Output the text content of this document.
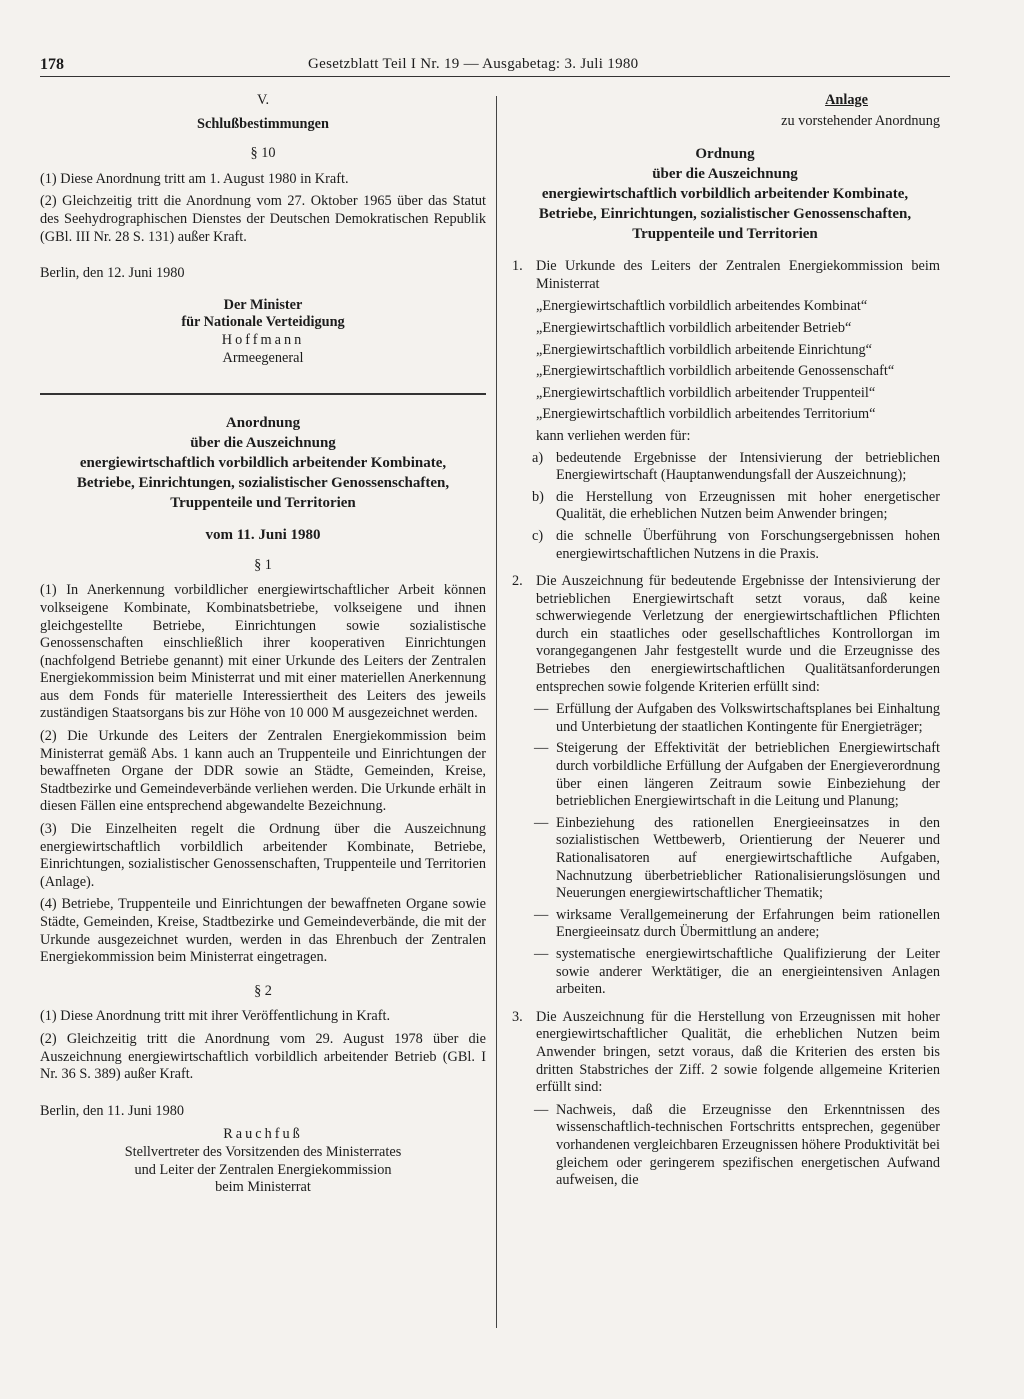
178	Gesetzblatt Teil I Nr. 19 — Ausgabetag: 3. Juli 1980

V.

Schlußbestimmungen

§ 10

(1) Diese Anordnung tritt am 1. August 1980 in Kraft.

(2) Gleichzeitig tritt die Anordnung vom 27. Oktober 1965 über das Statut des Seehydrographischen Dienstes der Deutschen Demokratischen Republik (GBl. III Nr. 28 S. 131) außer Kraft.

Berlin, den 12. Juni 1980

Der Minister

für Nationale Verteidigung

Hoffmann

Armeegeneral

Anordnung

über die Auszeichnung

energiewirtschaftlich vorbildlich arbeitender Kombinate,

Betriebe, Einrichtungen, sozialistischer Genossenschaften,

Truppenteile und Territorien

vom 11. Juni 1980

§ 1

(1) In Anerkennung vorbildlicher energiewirtschaftlicher Arbeit können volkseigene Kombinate, Kombinatsbetriebe, volkseigene und ihnen gleichgestellte Betriebe, Einrichtungen sowie sozialistische Genossenschaften einschließlich ihrer kooperativen Einrichtungen (nachfolgend Betriebe genannt) mit einer Urkunde des Leiters der Zentralen Energiekommission beim Ministerrat und mit einer materiellen Anerkennung aus dem Fonds für materielle Interessiertheit des Leiters des jeweils zuständigen Staatsorgans bis zur Höhe von 10 000 M ausgezeichnet werden.

(2) Die Urkunde des Leiters der Zentralen Energiekommission beim Ministerrat gemäß Abs. 1 kann auch an Truppenteile und Einrichtungen der bewaffneten Organe der DDR sowie an Städte, Gemeinden, Kreise, Stadtbezirke und Gemeindeverbände verliehen werden. Die Urkunde erhält in diesen Fällen eine entsprechend abgewandelte Bezeichnung.

(3) Die Einzelheiten regelt die Ordnung über die Auszeichnung energiewirtschaftlich vorbildlich arbeitender Kombinate, Betriebe, Einrichtungen, sozialistischer Genossenschaften, Truppenteile und Territorien (Anlage).

(4) Betriebe, Truppenteile und Einrichtungen der bewaffneten Organe sowie Städte, Gemeinden, Kreise, Stadtbezirke und Gemeindeverbände, die mit der Urkunde ausgezeichnet wurden, werden in das Ehrenbuch der Zentralen Energiekommission beim Ministerrat eingetragen.

§ 2

(1) Diese Anordnung tritt mit ihrer Veröffentlichung in Kraft.

(2) Gleichzeitig tritt die Anordnung vom 29. August 1978 über die Auszeichnung energiewirtschaftlich vorbildlich arbeitender Betrieb (GBl. I Nr. 36 S. 389) außer Kraft.

Berlin, den 11. Juni 1980

Rauchfuß

Stellvertreter des Vorsitzenden des Ministerrates

und Leiter der Zentralen Energiekommission

beim Ministerrat

Anlage

zu vorstehender Anordnung

Ordnung

über die Auszeichnung

energiewirtschaftlich vorbildlich arbeitender Kombinate,

Betriebe, Einrichtungen, sozialistischer Genossenschaften,

Truppenteile und Territorien

1. Die Urkunde des Leiters der Zentralen Energiekommission beim Ministerrat

„Energiewirtschaftlich vorbildlich arbeitendes Kombinat“

„Energiewirtschaftlich vorbildlich arbeitender Betrieb“

„Energiewirtschaftlich vorbildlich arbeitende Einrichtung“

„Energiewirtschaftlich vorbildlich arbeitende Genossenschaft“

„Energiewirtschaftlich vorbildlich arbeitender Truppenteil“

„Energiewirtschaftlich vorbildlich arbeitendes Territorium“

kann verliehen werden für:

a) bedeutende Ergebnisse der Intensivierung der betrieblichen Energiewirtschaft (Hauptanwendungsfall der Auszeichnung);
b) die Herstellung von Erzeugnissen mit hoher energetischer Qualität, die erheblichen Nutzen beim Anwender bringen;
c) die schnelle Überführung von Forschungsergebnissen hohen energiewirtschaftlichen Nutzens in die Praxis.
2. Die Auszeichnung für bedeutende Ergebnisse der Intensivierung der betrieblichen Energiewirtschaft setzt voraus, daß keine schwerwiegende Verletzung der energiewirtschaftlichen Pflichten durch ein staatliches oder gesellschaftliches Kontrollorgan im vorangegangenen Jahr festgestellt wurde und die Erzeugnisse des Betriebes den energiewirtschaftlichen Qualitätsanforderungen entsprechen sowie folgende Kriterien erfüllt sind:
— Erfüllung der Aufgaben des Volkswirtschaftsplanes bei Einhaltung und Unterbietung der staatlichen Kontingente für Energieträger;
— Steigerung der Effektivität der betrieblichen Energiewirtschaft durch vorbildliche Erfüllung der Aufgaben der Energieverordnung über einen längeren Zeitraum sowie Einbeziehung der betrieblichen Energiewirtschaft in die Leitung und Planung;
— Einbeziehung des rationellen Energieeinsatzes in den sozialistischen Wettbewerb, Orientierung der Neuerer und Rationalisatoren auf energiewirtschaftliche Aufgaben, Nachnutzung überbetrieblicher Rationalisierungslösungen und Neuerungen energiewirtschaftlicher Thematik;
— wirksame Verallgemeinerung der Erfahrungen beim rationellen Energieeinsatz durch Übermittlung an andere;
— systematische energiewirtschaftliche Qualifizierung der Leiter sowie anderer Werktätiger, die an energieintensiven Anlagen arbeiten.
3. Die Auszeichnung für die Herstellung von Erzeugnissen mit hoher energiewirtschaftlicher Qualität, die erheblichen Nutzen beim Anwender bringen, setzt voraus, daß die Kriterien des ersten bis dritten Stabstriches der Ziff. 2 sowie folgende allgemeine Kriterien erfüllt sind:
— Nachweis, daß die Erzeugnisse den Erkenntnissen des wissenschaftlich-technischen Fortschritts entsprechen, gegenüber vorhandenen vergleichbaren Erzeugnissen höhere Produktivität bei gleichem oder geringerem spezifischen energetischen Aufwand aufweisen, die
